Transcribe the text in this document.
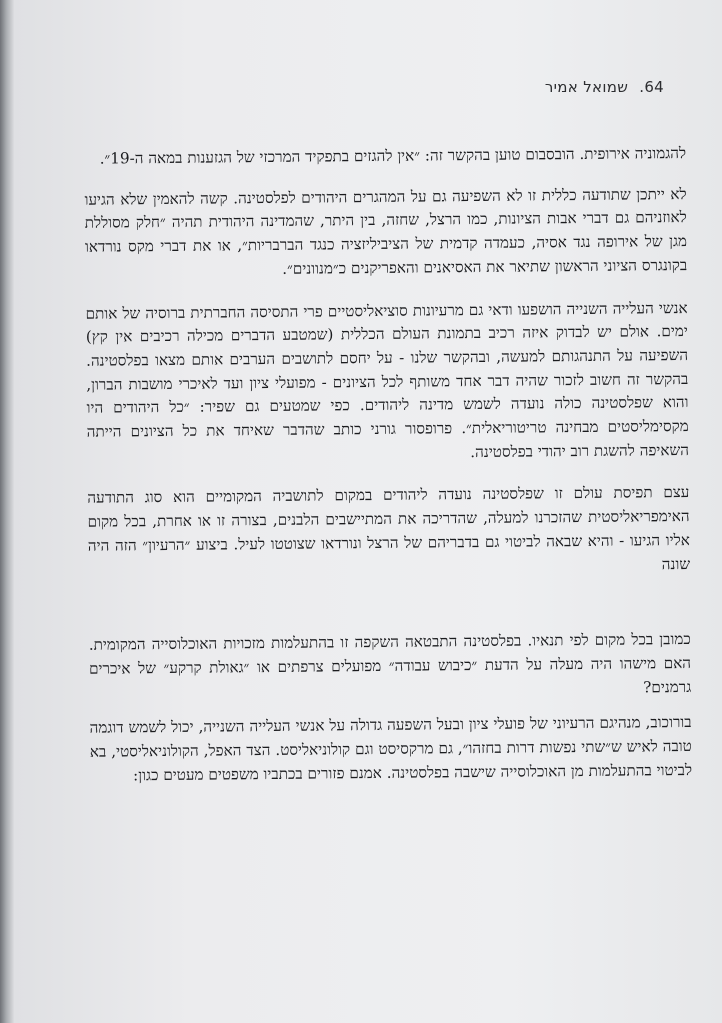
64. שמואל אמיר

להגמוניה אירופית. הובסבום טוען בהקשר זה: ״אין להגזים בתפקיד המרכזי של הגזענות במאה ה-19״.

לא ייתכן שתודעה כללית זו לא השפיעה גם על המהגרים היהודים לפלסטינה. קשה להאמין שלא הגיעו לאוזניהם גם דברי אבות הציונות, כמו הרצל, שחזה, בין היתר, שהמדינה היהודית תהיה ״חלק מסוללת מגן של אירופה נגד אסיה, כעמדה קדמית של הציביליזציה כנגד הברבריות״, או את דברי מקס נורדאו בקונגרס הציוני הראשון שתיאר את האסיאנים והאפריקנים כ״מנוונים״.

אנשי העלייה השנייה הושפעו ודאי גם מרעיונות סוציאליסטיים פרי התסיסה החברתית ברוסיה של אותם ימים. אולם יש לבדוק איזה רכיב בתמונת העולם הכללית (שמטבע הדברים מכילה רכיבים אין קץ) השפיעה על התנהגותם למעשה, ובהקשר שלנו - על יחסם לתושבים הערבים אותם מצאו בפלסטינה. בהקשר זה חשוב לזכור שהיה דבר אחד משותף לכל הציונים - מפועלי ציון ועד לאיכרי מושבות הברון, והוא שפלסטינה כולה נועדה לשמש מדינה ליהודים. כפי שמטעים גם שפיר: ״כל היהודים היו מקסימליסטים מבחינה טריטוריאלית״. פרופסור גורני כותב שהדבר שאיחד את כל הציונים הייתה השאיפה להשגת רוב יהודי בפלסטינה.

עצם תפיסת עולם זו שפלסטינה נועדה ליהודים במקום לתושביה המקומיים הוא סוג התודעה האימפריאליסטית שהזכרנו למעלה, שהדריכה את המתיישבים הלבנים, בצורה זו או אחרת, בכל מקום אליו הגיעו - והיא שבאה לביטוי גם בדבריהם של הרצל ונורדאו שצוטטו לעיל. ביצוע ״הרעיון״ הזה היה שונה

כמובן בכל מקום לפי תנאיו. בפלסטינה התבטאה השקפה זו בהתעלמות מזכויות האוכלוסייה המקומית. האם מישהו היה מעלה על הדעת ״כיבוש עבודה״ מפועלים צרפתים או ״גאולת קרקע״ של איכרים גרמנים?

בורוכוב, מנהיגם הרעיוני של פועלי ציון ובעל השפעה גדולה על אנשי העלייה השנייה, יכול לשמש דוגמה טובה לאיש ש״שתי נפשות דרות בחזהו״, גם מרקסיסט וגם קולוניאליסט. הצד האפל, הקולוניאליסטי, בא לביטוי בהתעלמות מן האוכלוסייה שישבה בפלסטינה. אמנם פזורים בכתביו משפטים מעטים כגון:
